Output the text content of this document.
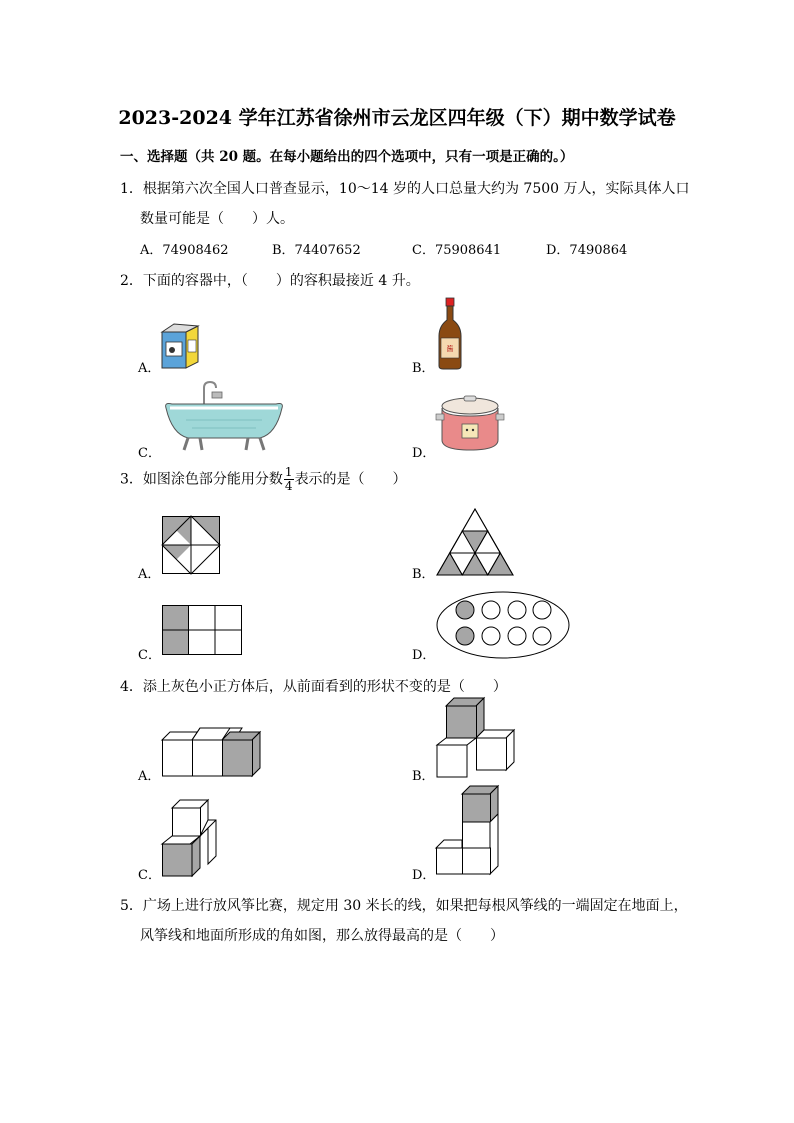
2023-2024 学年江苏省徐州市云龙区四年级（下）期中数学试卷
一、选择题（共 20 题。在每小题给出的四个选项中，只有一项是正确的。）
1．根据第六次全国人口普查显示，10～14 岁的人口总量大约为 7500 万人，实际具体人口
数量可能是（　　）人。
A．74908462	B．74407652	C．75908641	D．7490864
2．下面的容器中，（　　）的容积最接近 4 升。
A．	B．
C．	D．
酱
3．如图涂色部分能用分数 $\frac{1}{4}$ 表示的是（　　）
A．	B．
C．	D．
4．添上灰色小正方体后，从前面看到的形状不变的是（　　）
A．	B．
C．	D．
5．广场上进行放风筝比赛，规定用 30 米长的线，如果把每根风筝线的一端固定在地面上，
风筝线和地面所形成的角如图，那么放得最高的是（　　）
